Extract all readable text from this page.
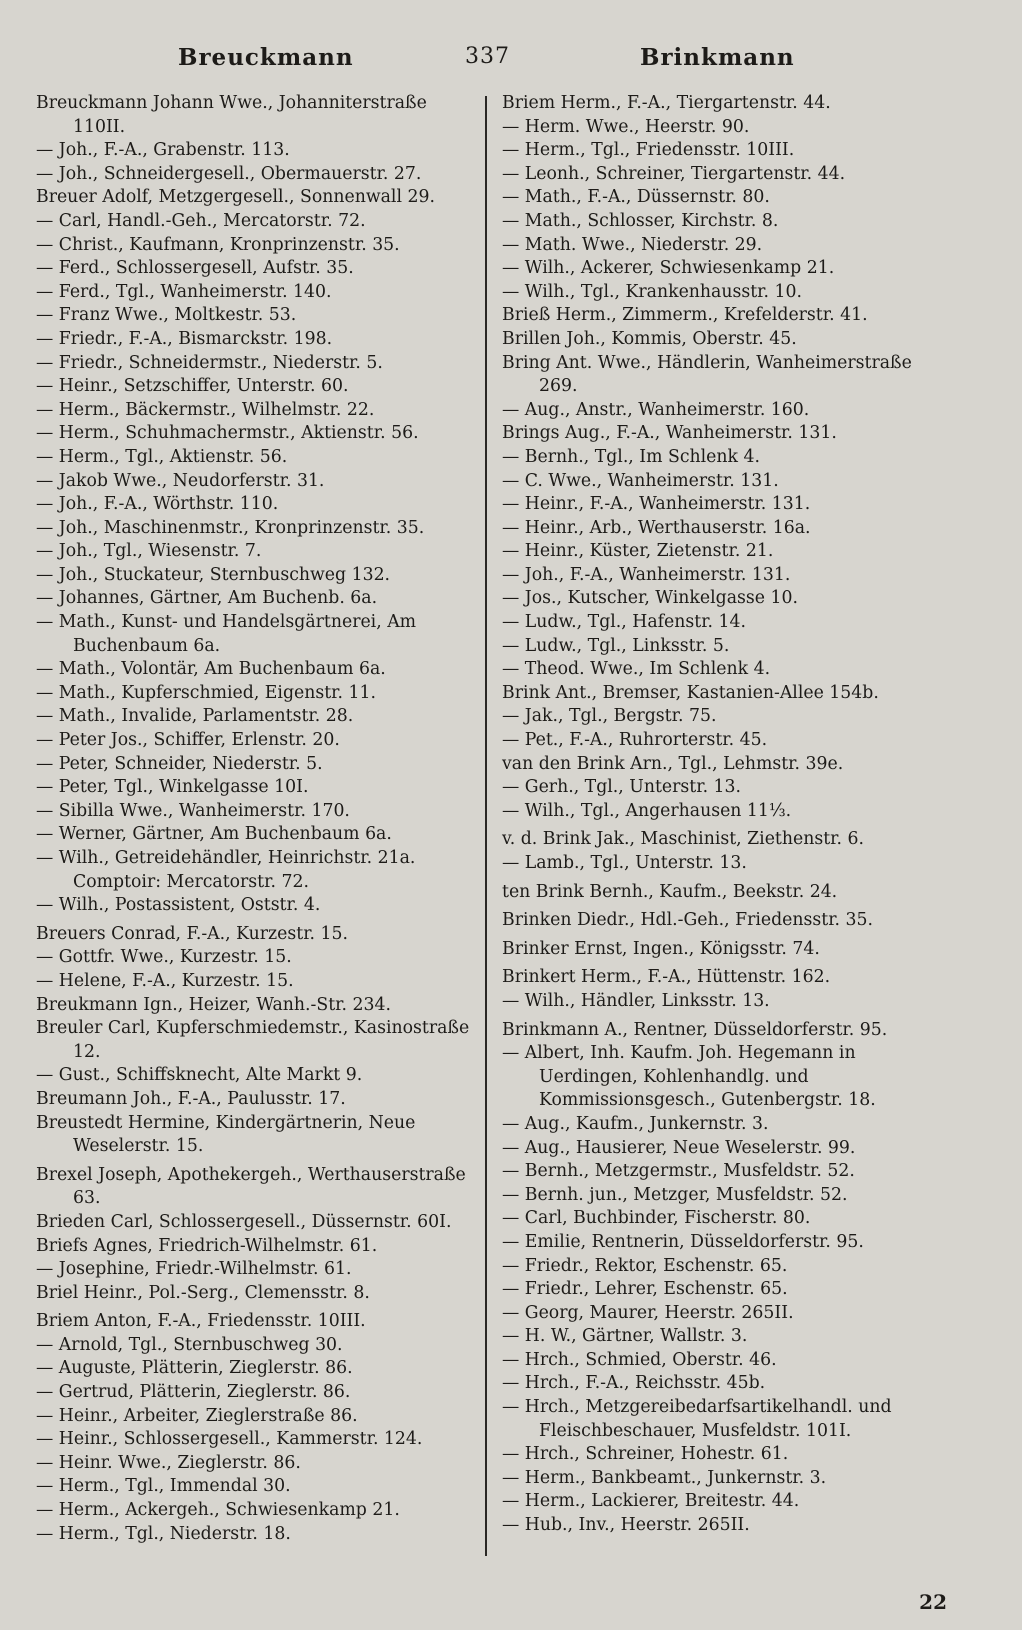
Breuckmann	337	Brinkmann
Breuckmann Johann Wwe., Johanniterstraße 110II.
— Joh., F.-A., Grabenstr. 113.
— Joh., Schneidergesell., Obermauerstr. 27.
Breuer Adolf, Metzgergesell., Sonnenwall 29.
— Carl, Handl.-Geh., Mercatorstr. 72.
— Christ., Kaufmann, Kronprinzenstr. 35.
— Ferd., Schlossergesell, Aufstr. 35.
— Ferd., Tgl., Wanheimerstr. 140.
— Franz Wwe., Moltkestr. 53.
— Friedr., F.-A., Bismarckstr. 198.
— Friedr., Schneidermstr., Niederstr. 5.
— Heinr., Setzschiffer, Unterstr. 60.
— Herm., Bäckermstr., Wilhelmstr. 22.
— Herm., Schuhmachermstr., Aktienstr. 56.
— Herm., Tgl., Aktienstr. 56.
— Jakob Wwe., Neudorferstr. 31.
— Joh., F.-A., Wörthstr. 110.
— Joh., Maschinenmstr., Kronprinzenstr. 35.
— Joh., Tgl., Wiesenstr. 7.
— Joh., Stuckateur, Sternbuschweg 132.
— Johannes, Gärtner, Am Buchenb. 6a.
— Math., Kunst- und Handelsgärtnerei, Am Buchenbaum 6a.
— Math., Volontär, Am Buchenbaum 6a.
— Math., Kupferschmied, Eigenstr. 11.
— Math., Invalide, Parlamentstr. 28.
— Peter Jos., Schiffer, Erlenstr. 20.
— Peter, Schneider, Niederstr. 5.
— Peter, Tgl., Winkelgasse 10I.
— Sibilla Wwe., Wanheimerstr. 170.
— Werner, Gärtner, Am Buchenbaum 6a.
— Wilh., Getreidehändler, Heinrichstr. 21a. Comptoir: Mercatorstr. 72.
— Wilh., Postassistent, Oststr. 4.
Breuers Conrad, F.-A., Kurzestr. 15.
— Gottfr. Wwe., Kurzestr. 15.
— Helene, F.-A., Kurzestr. 15.
Breukmann Ign., Heizer, Wanh.-Str. 234.
Breuler Carl, Kupferschmiedemstr., Kasinostraße 12.
— Gust., Schiffsknecht, Alte Markt 9.
Breumann Joh., F.-A., Paulusstr. 17.
Breustedt Hermine, Kindergärtnerin, Neue Weselerstr. 15.
Brexel Joseph, Apothekergeh., Werthauserstraße 63.
Brieden Carl, Schlossergesell., Düssernstr. 60I.
Briefs Agnes, Friedrich-Wilhelmstr. 61.
— Josephine, Friedr.-Wilhelmstr. 61.
Briel Heinr., Pol.-Serg., Clemensstr. 8.
Briem Anton, F.-A., Friedensstr. 10III.
— Arnold, Tgl., Sternbuschweg 30.
— Auguste, Plätterin, Zieglerstr. 86.
— Gertrud, Plätterin, Zieglerstr. 86.
— Heinr., Arbeiter, Zieglerstraße 86.
— Heinr., Schlossergesell., Kammerstr. 124.
— Heinr. Wwe., Zieglerstr. 86.
— Herm., Tgl., Immendal 30.
— Herm., Ackergeh., Schwiesenkamp 21.
— Herm., Tgl., Niederstr. 18.
Briem Herm., F.-A., Tiergartenstr. 44.
— Herm. Wwe., Heerstr. 90.
— Herm., Tgl., Friedensstr. 10III.
— Leonh., Schreiner, Tiergartenstr. 44.
— Math., F.-A., Düssernstr. 80.
— Math., Schlosser, Kirchstr. 8.
— Math. Wwe., Niederstr. 29.
— Wilh., Ackerer, Schwiesenkamp 21.
— Wilh., Tgl., Krankenhausstr. 10.
Brieß Herm., Zimmerm., Krefelderstr. 41.
Brillen Joh., Kommis, Oberstr. 45.
Bring Ant. Wwe., Händlerin, Wanheimerstraße 269.
— Aug., Anstr., Wanheimerstr. 160.
Brings Aug., F.-A., Wanheimerstr. 131.
— Bernh., Tgl., Im Schlenk 4.
— C. Wwe., Wanheimerstr. 131.
— Heinr., F.-A., Wanheimerstr. 131.
— Heinr., Arb., Werthauserstr. 16a.
— Heinr., Küster, Zietenstr. 21.
— Joh., F.-A., Wanheimerstr. 131.
— Jos., Kutscher, Winkelgasse 10.
— Ludw., Tgl., Hafenstr. 14.
— Ludw., Tgl., Linksstr. 5.
— Theod. Wwe., Im Schlenk 4.
Brink Ant., Bremser, Kastanien-Allee 154b.
— Jak., Tgl., Bergstr. 75.
— Pet., F.-A., Ruhrorterstr. 45.
van den Brink Arn., Tgl., Lehmstr. 39e.
— Gerh., Tgl., Unterstr. 13.
— Wilh., Tgl., Angerhausen 11⅓.
v. d. Brink Jak., Maschinist, Ziethenstr. 6.
— Lamb., Tgl., Unterstr. 13.
ten Brink Bernh., Kaufm., Beekstr. 24.
Brinken Diedr., Hdl.-Geh., Friedensstr. 35.
Brinker Ernst, Ingen., Königsstr. 74.
Brinkert Herm., F.-A., Hüttenstr. 162.
— Wilh., Händler, Linksstr. 13.
Brinkmann A., Rentner, Düsseldorferstr. 95.
— Albert, Inh. Kaufm. Joh. Hegemann in Uerdingen, Kohlenhandlg. und Kommissionsgesch., Gutenbergstr. 18.
— Aug., Kaufm., Junkernstr. 3.
— Aug., Hausierer, Neue Weselerstr. 99.
— Bernh., Metzgermstr., Musfeldstr. 52.
— Bernh. jun., Metzger, Musfeldstr. 52.
— Carl, Buchbinder, Fischerstr. 80.
— Emilie, Rentnerin, Düsseldorferstr. 95.
— Friedr., Rektor, Eschenstr. 65.
— Friedr., Lehrer, Eschenstr. 65.
— Georg, Maurer, Heerstr. 265II.
— H. W., Gärtner, Wallstr. 3.
— Hrch., Schmied, Oberstr. 46.
— Hrch., F.-A., Reichsstr. 45b.
— Hrch., Metzgereibedarfsartikelhandl. und Fleischbeschauer, Musfeldstr. 101I.
— Hrch., Schreiner, Hohestr. 61.
— Herm., Bankbeamt., Junkernstr. 3.
— Herm., Lackierer, Breitestr. 44.
— Hub., Inv., Heerstr. 265II.
22
